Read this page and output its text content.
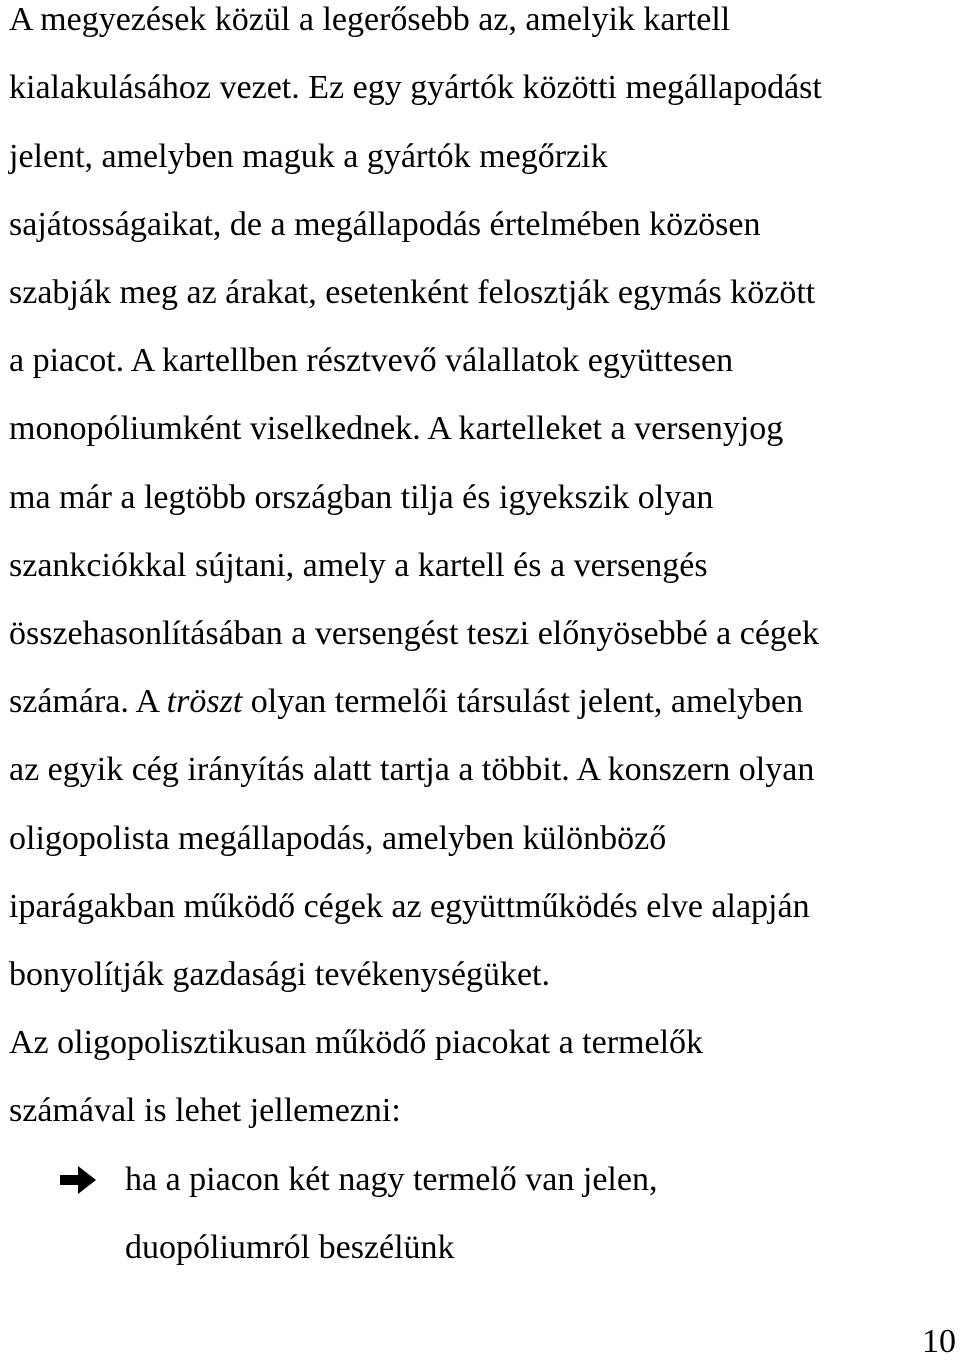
A megyezések közül a legerősebb az, amelyik kartell
kialakulásához vezet. Ez egy gyártók közötti megállapodást
jelent, amelyben maguk a gyártók megőrzik
sajátosságaikat, de a megállapodás értelmében közösen
szabják meg az árakat, esetenként felosztják egymás között
a piacot. A kartellben résztvevő válallatok együttesen
monopóliumként viselkednek. A kartelleket a versenyjog
ma már a legtöbb országban tilja és igyekszik olyan
szankciókkal sújtani, amely a kartell és a versengés
összehasonlításában a versengést teszi előnyösebbé a cégek
számára. A tröszt olyan termelői társulást jelent, amelyben
az egyik cég irányítás alatt tartja a többit. A konszern olyan
oligopolista megállapodás, amelyben különböző
iparágakban működő cégek az együttműködés elve alapján
bonyolítják gazdasági tevékenységüket.
Az oligopolisztikusan működő piacokat a termelők
számával is lehet jellemezni:
ha a piacon két nagy termelő van jelen,
duopóliumról beszélünk
10
